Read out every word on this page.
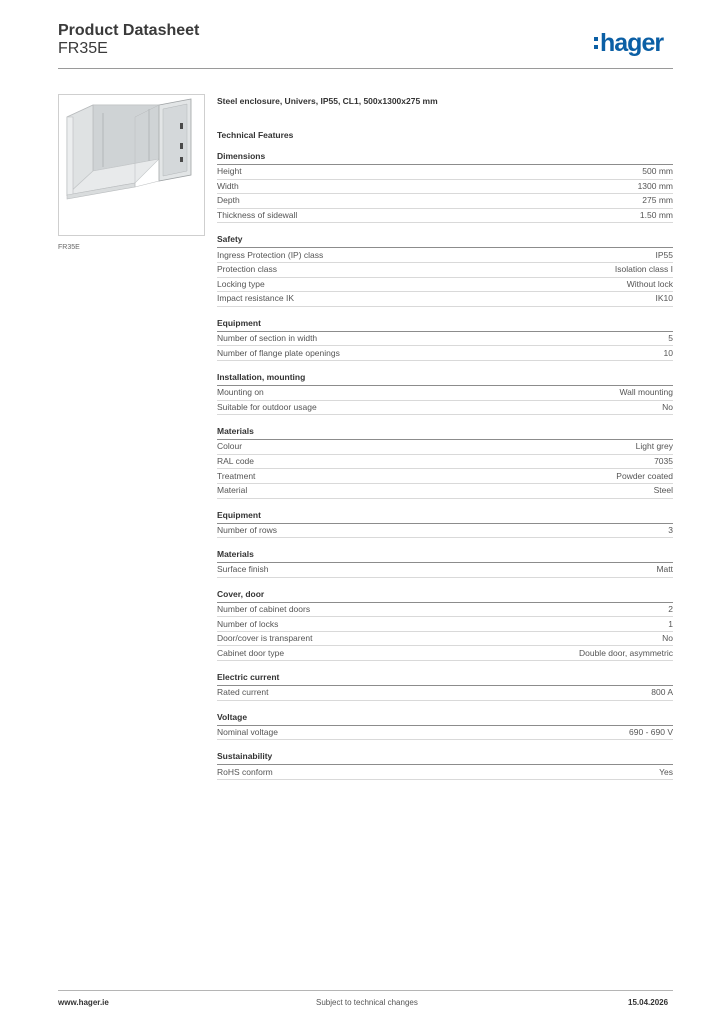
Product Datasheet
FR35E	hager
FR35E
Steel enclosure, Univers, IP55, CL1, 500x1300x275 mm
Technical Features
Dimensions
Height	500 mm
Width	1300 mm
Depth	275 mm
Thickness of sidewall	1.50 mm
Safety
Ingress Protection (IP) class	IP55
Protection class	Isolation class I
Locking type	Without lock
Impact resistance IK	IK10
Equipment
Number of section in width	5
Number of flange plate openings	10
Installation, mounting
Mounting on	Wall mounting
Suitable for outdoor usage	No
Materials
Colour	Light grey
RAL code	7035
Treatment	Powder coated
Material	Steel
Equipment
Number of rows	3
Materials
Surface finish	Matt
Cover, door
Number of cabinet doors	2
Number of locks	1
Door/cover is transparent	No
Cabinet door type	Double door, asymmetric
Electric current
Rated current	800 A
Voltage
Nominal voltage	690 - 690 V
Sustainability
RoHS conform	Yes
www.hager.ie	Subject to technical changes	15.04.2026
